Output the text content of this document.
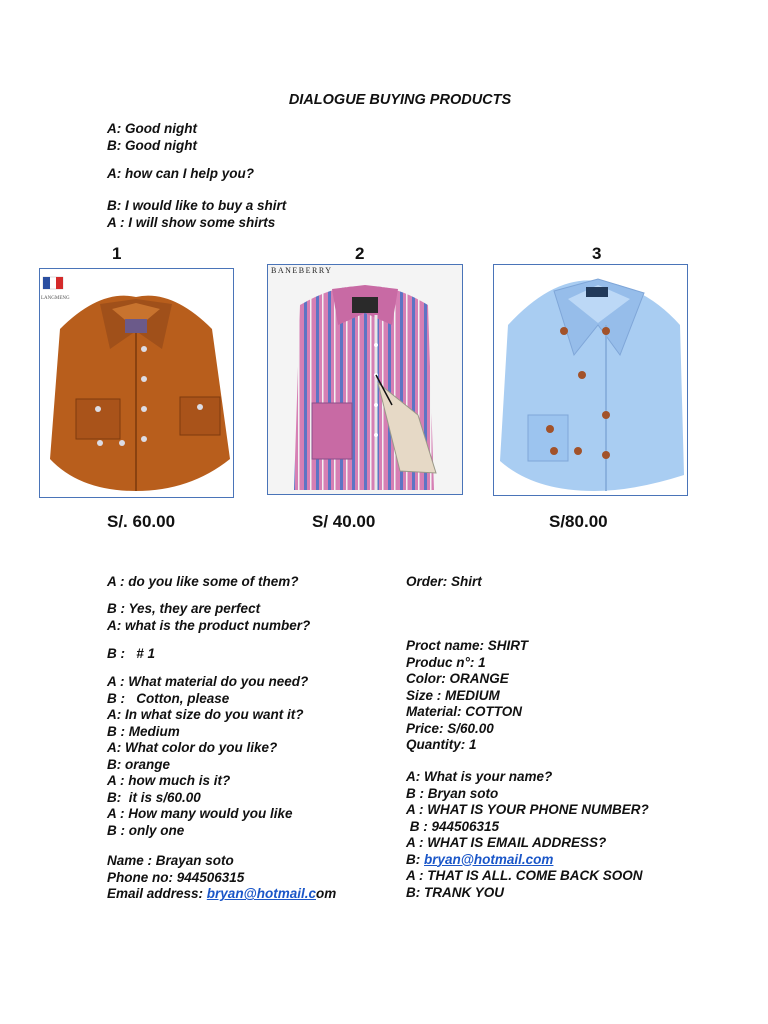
DIALOGUE BUYING PRODUCTS
A: Good night
B: Good night
A: how can I help you?
B: I would like to buy a shirt
A : I will show some shirts
1	2	3
LANGMENG
BANEBERRY
S/. 60.00	S/ 40.00	S/80.00
A : do you like some of them?
B : Yes, they are perfect
A: what is the product number?
B :   # 1
A : What material do you need?
B :   Cotton, please
A: In what size do you want it?
B : Medium
A: What color do you like?
B: orange
A : how much is it?
B:  it is s/60.00
A : How many would you like
B : only one
Name : Brayan soto
Phone no: 944506315
Email address: bryan@hotmail.com
Order: Shirt
Proct name: SHIRT
Produc n°: 1
Color: ORANGE
Size : MEDIUM
Material: COTTON
Price: S/60.00
Quantity: 1
A: What is your name?
B : Bryan soto
A : WHAT IS YOUR PHONE NUMBER?
B : 944506315
A : WHAT IS EMAIL ADDRESS?
B: bryan@hotmail.com
A : THAT IS ALL. COME BACK SOON
B: TRANK YOU
